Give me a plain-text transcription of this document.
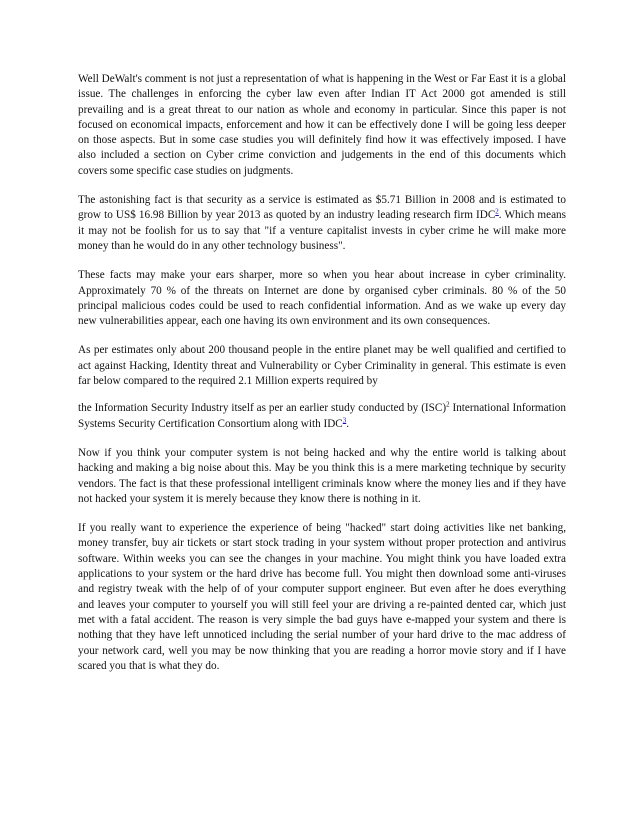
Well DeWalt's comment is not just a representation of what is happening in the West or Far East it is a global issue. The challenges in enforcing the cyber law even after Indian IT Act 2000 got amended is still prevailing and is a great threat to our nation as whole and economy in particular. Since this paper is not focused on economical impacts, enforcement and how it can be effectively done I will be going less deeper on those aspects. But in some case studies you will definitely find how it was effectively imposed. I have also included a section on Cyber crime conviction and judgements in the end of this documents which covers some specific case studies on judgments.

The astonishing fact is that security as a service is estimated as $5.71 Billion in 2008 and is estimated to grow to US$ 16.98 Billion by year 2013 as quoted by an industry leading research firm IDC$^2$. Which means it may not be foolish for us to say that "if a venture capitalist invests in cyber crime he will make more money than he would do in any other technology business".

These facts may make your ears sharper, more so when you hear about increase in cyber criminality. Approximately 70 % of the threats on Internet are done by organised cyber criminals. 80 % of the 50 principal malicious codes could be used to reach confidential information. And as we wake up every day new vulnerabilities appear, each one having its own environment and its own consequences.

As per estimates only about 200 thousand people in the entire planet may be well qualified and certified to act against Hacking, Identity threat and Vulnerability or Cyber Criminality in general. This estimate is even far below compared to the required 2.1 Million experts required by

the Information Security Industry itself as per an earlier study conducted by (ISC)$^2$ International Information Systems Security Certification Consortium along with IDC$^3$.

Now if you think your computer system is not being hacked and why the entire world is talking about hacking and making a big noise about this. May be you think this is a mere marketing technique by security vendors. The fact is that these professional intelligent criminals know where the money lies and if they have not hacked your system it is merely because they know there is nothing in it.

If you really want to experience the experience of being "hacked" start doing activities like net banking, money transfer, buy air tickets or start stock trading in your system without proper protection and antivirus software. Within weeks you can see the changes in your machine. You might think you have loaded extra applications to your system or the hard drive has become full. You might then download some anti-viruses and registry tweak with the help of of your computer support engineer. But even after he does everything and leaves your computer to yourself you will still feel your are driving a re-painted dented car, which just met with a fatal accident. The reason is very simple the bad guys have e-mapped your system and there is nothing that they have left unnoticed including the serial number of your hard drive to the mac address of your network card, well you may be now thinking that you are reading a horror movie story and if I have scared you that is what they do.
